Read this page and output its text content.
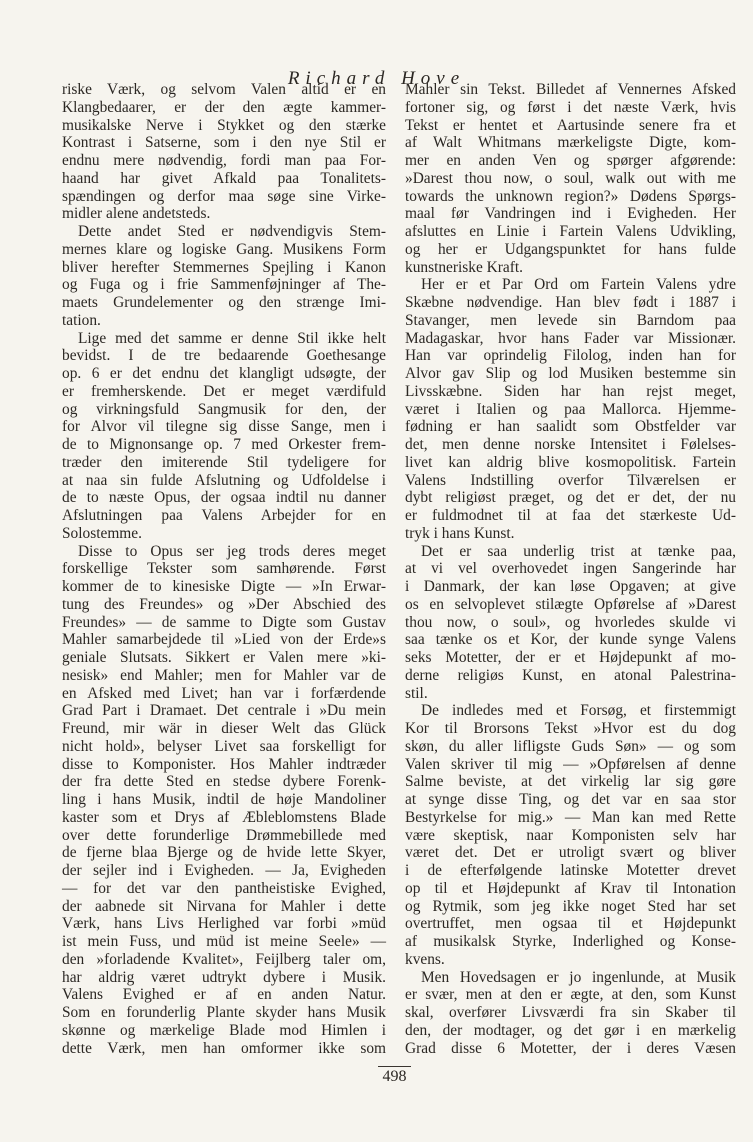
Richard Hove
riske Værk, og selvom Valen altid er en
Klangbedaarer, er der den ægte kammer-
musikalske Nerve i Stykket og den stærke
Kontrast i Satserne, som i den nye Stil er
endnu mere nødvendig, fordi man paa For-
haand har givet Afkald paa Tonalitets-
spændingen og derfor maa søge sine Virke-
midler alene andetsteds.
Dette andet Sted er nødvendigvis Stem-
mernes klare og logiske Gang. Musikens Form
bliver herefter Stemmernes Spejling i Kanon
og Fuga og i frie Sammenføjninger af The-
maets Grundelementer og den strænge Imi-
tation.
Lige med det samme er denne Stil ikke helt
bevidst. I de tre bedaarende Goethesange
op. 6 er det endnu det klangligt udsøgte, der
er fremherskende. Det er meget værdifuld
og virkningsfuld Sangmusik for den, der
for Alvor vil tilegne sig disse Sange, men i
de to Mignonsange op. 7 med Orkester frem-
træder den imiterende Stil tydeligere for
at naa sin fulde Afslutning og Udfoldelse i
de to næste Opus, der ogsaa indtil nu danner
Afslutningen paa Valens Arbejder for en
Solostemme.
Disse to Opus ser jeg trods deres meget
forskellige Tekster som samhørende. Først
kommer de to kinesiske Digte — »In Erwar-
tung des Freundes» og »Der Abschied des
Freundes» — de samme to Digte som Gustav
Mahler samarbejdede til »Lied von der Erde»s
geniale Slutsats. Sikkert er Valen mere »ki-
nesisk» end Mahler; men for Mahler var de
en Afsked med Livet; han var i forfærdende
Grad Part i Dramaet. Det centrale i »Du mein
Freund, mir wär in dieser Welt das Glück
nicht hold», belyser Livet saa forskelligt for
disse to Komponister. Hos Mahler indtræder
der fra dette Sted en stedse dybere Forenk-
ling i hans Musik, indtil de høje Mandoliner
kaster som et Drys af Æbleblomstens Blade
over dette forunderlige Drømmebillede med
de fjerne blaa Bjerge og de hvide lette Skyer,
der sejler ind i Evigheden. — Ja, Evigheden
— for det var den pantheistiske Evighed,
der aabnede sit Nirvana for Mahler i dette
Værk, hans Livs Herlighed var forbi »müd
ist mein Fuss, und müd ist meine Seele» —
den »forladende Kvalitet», Feijlberg taler om,
har aldrig været udtrykt dybere i Musik.
Valens Evighed er af en anden Natur.
Som en forunderlig Plante skyder hans Musik
skønne og mærkelige Blade mod Himlen i
dette Værk, men han omformer ikke som
Mahler sin Tekst. Billedet af Vennernes Afsked
fortoner sig, og først i det næste Værk, hvis
Tekst er hentet et Aartusinde senere fra et
af Walt Whitmans mærkeligste Digte, kom-
mer en anden Ven og spørger afgørende:
»Darest thou now, o soul, walk out with me
towards the unknown region?» Dødens Spørgs-
maal før Vandringen ind i Evigheden. Her
afsluttes en Linie i Fartein Valens Udvikling,
og her er Udgangspunktet for hans fulde
kunstneriske Kraft.
Her er et Par Ord om Fartein Valens ydre
Skæbne nødvendige. Han blev født i 1887 i
Stavanger, men levede sin Barndom paa
Madagaskar, hvor hans Fader var Missionær.
Han var oprindelig Filolog, inden han for
Alvor gav Slip og lod Musiken bestemme sin
Livsskæbne. Siden har han rejst meget,
været i Italien og paa Mallorca. Hjemme-
fødning er han saalidt som Obstfelder var
det, men denne norske Intensitet i Følelses-
livet kan aldrig blive kosmopolitisk. Fartein
Valens Indstilling overfor Tilværelsen er
dybt religiøst præget, og det er det, der nu
er fuldmodnet til at faa det stærkeste Ud-
tryk i hans Kunst.
Det er saa underlig trist at tænke paa,
at vi vel overhovedet ingen Sangerinde har
i Danmark, der kan løse Opgaven; at give
os en selvoplevet stilægte Opførelse af »Darest
thou now, o soul», og hvorledes skulde vi
saa tænke os et Kor, der kunde synge Valens
seks Motetter, der er et Højdepunkt af mo-
derne religiøs Kunst, en atonal Palestrina-
stil.
De indledes med et Forsøg, et firstemmigt
Kor til Brorsons Tekst »Hvor est du dog
skøn, du aller lifligste Guds Søn» — og som
Valen skriver til mig — »Opførelsen af denne
Salme beviste, at det virkelig lar sig gøre
at synge disse Ting, og det var en saa stor
Bestyrkelse for mig.» — Man kan med Rette
være skeptisk, naar Komponisten selv har
været det. Det er utroligt svært og bliver
i de efterfølgende latinske Motetter drevet
op til et Højdepunkt af Krav til Intonation
og Rytmik, som jeg ikke noget Sted har set
overtruffet, men ogsaa til et Højdepunkt
af musikalsk Styrke, Inderlighed og Konse-
kvens.
Men Hovedsagen er jo ingenlunde, at Musik
er svær, men at den er ægte, at den, som Kunst
skal, overfører Livsværdi fra sin Skaber til
den, der modtager, og det gør i en mærkelig
Grad disse 6 Motetter, der i deres Væsen
498
